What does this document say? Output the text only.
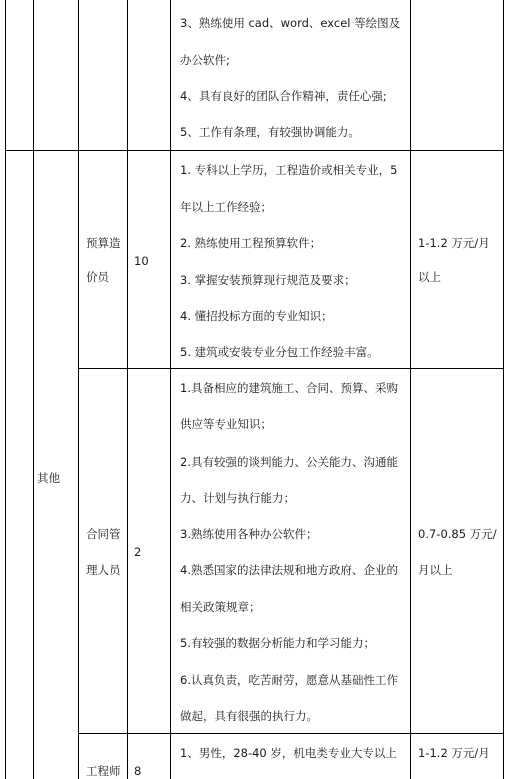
3、熟练使用 cad、word、excel 等绘图及
办公软件;
4、具有良好的团队合作精神，责任心强;
5、工作有条理，有较强协调能力。
其他
预算造
价员
10
1. 专科以上学历，工程造价或相关专业，5
年以上工作经验；
2. 熟练使用工程预算软件；
3. 掌握安装预算现行规范及要求；
4. 懂招投标方面的专业知识；
5. 建筑或安装专业分包工作经验丰富。
1-1.2 万元/月
以上
合同管
理人员
2
1.具备相应的建筑施工、合同、预算、采购
供应等专业知识；
2.具有较强的谈判能力、公关能力、沟通能
力、计划与执行能力；
3.熟练使用各种办公软件；
4.熟悉国家的法律法规和地方政府、企业的
相关政策规章；
5.有较强的数据分析能力和学习能力；
6.认真负责，吃苦耐劳，愿意从基础性工作
做起，具有很强的执行力。
0.7-0.85 万元/
月以上
工程师 8
1、男性，28-40 岁，机电类专业大专以上 1-1.2 万元/月
